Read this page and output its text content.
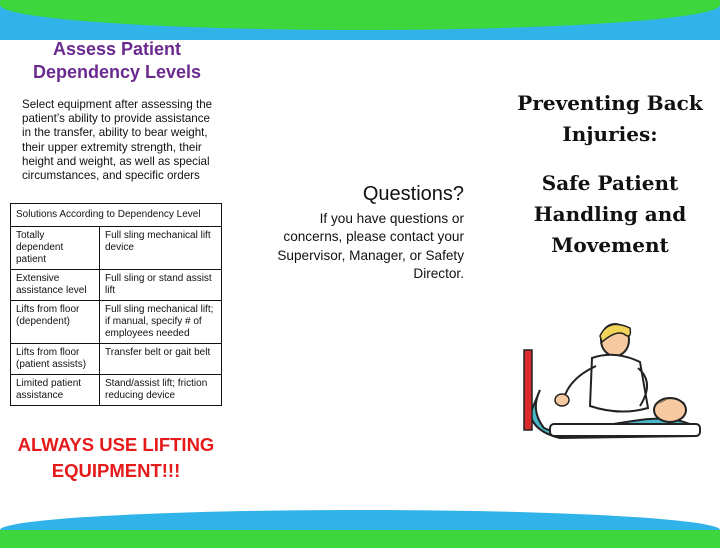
Assess Patient Dependency Levels
Select equipment after assessing the patient’s ability to provide assistance in the transfer, ability to bear weight, their upper extremity strength, their height and weight, as well as special circumstances, and specific orders
Solutions According to Dependency Level	
Totally dependent patient	Full sling mechanical lift device
Extensive assistance level	Full sling or stand assist lift
Lifts from floor (dependent)	Full sling mechanical lift; if manual, specify # of employees needed
Lifts from floor (patient assists)	Transfer belt or gait belt
Limited patient assistance	Stand/assist lift; friction reducing device
ALWAYS USE LIFTING EQUIPMENT!!!
Questions?
If you have questions or concerns, please contact your Supervisor, Manager, or Safety Director.
Preventing Back Injuries:
Safe Patient Handling and Movement
